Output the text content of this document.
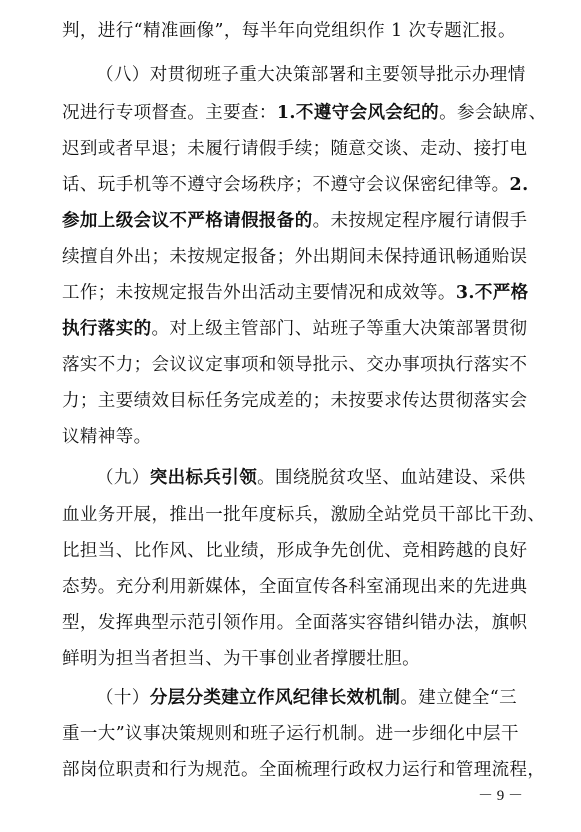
判，进行“精准画像”，每半年向党组织作 1 次专题汇报。
（八）对贯彻班子重大决策部署和主要领导批示办理情
况进行专项督查。主要查：1.不遵守会风会纪的。参会缺席、
迟到或者早退；未履行请假手续；随意交谈、走动、接打电
话、玩手机等不遵守会场秩序；不遵守会议保密纪律等。2.
参加上级会议不严格请假报备的。未按规定程序履行请假手
续擅自外出；未按规定报备；外出期间未保持通讯畅通贻误
工作；未按规定报告外出活动主要情况和成效等。3.不严格
执行落实的。对上级主管部门、站班子等重大决策部署贯彻
落实不力；会议议定事项和领导批示、交办事项执行落实不
力；主要绩效目标任务完成差的；未按要求传达贯彻落实会
议精神等。
（九）突出标兵引领。围绕脱贫攻坚、血站建设、采供
血业务开展，推出一批年度标兵，激励全站党员干部比干劲、
比担当、比作风、比业绩，形成争先创优、竞相跨越的良好
态势。充分利用新媒体，全面宣传各科室涌现出来的先进典
型，发挥典型示范引领作用。全面落实容错纠错办法，旗帜
鲜明为担当者担当、为干事创业者撑腰壮胆。
（十）分层分类建立作风纪律长效机制。建立健全“三
重一大”议事决策规则和班子运行机制。进一步细化中层干
部岗位职责和行为规范。全面梳理行政权力运行和管理流程，
－ 9 －
